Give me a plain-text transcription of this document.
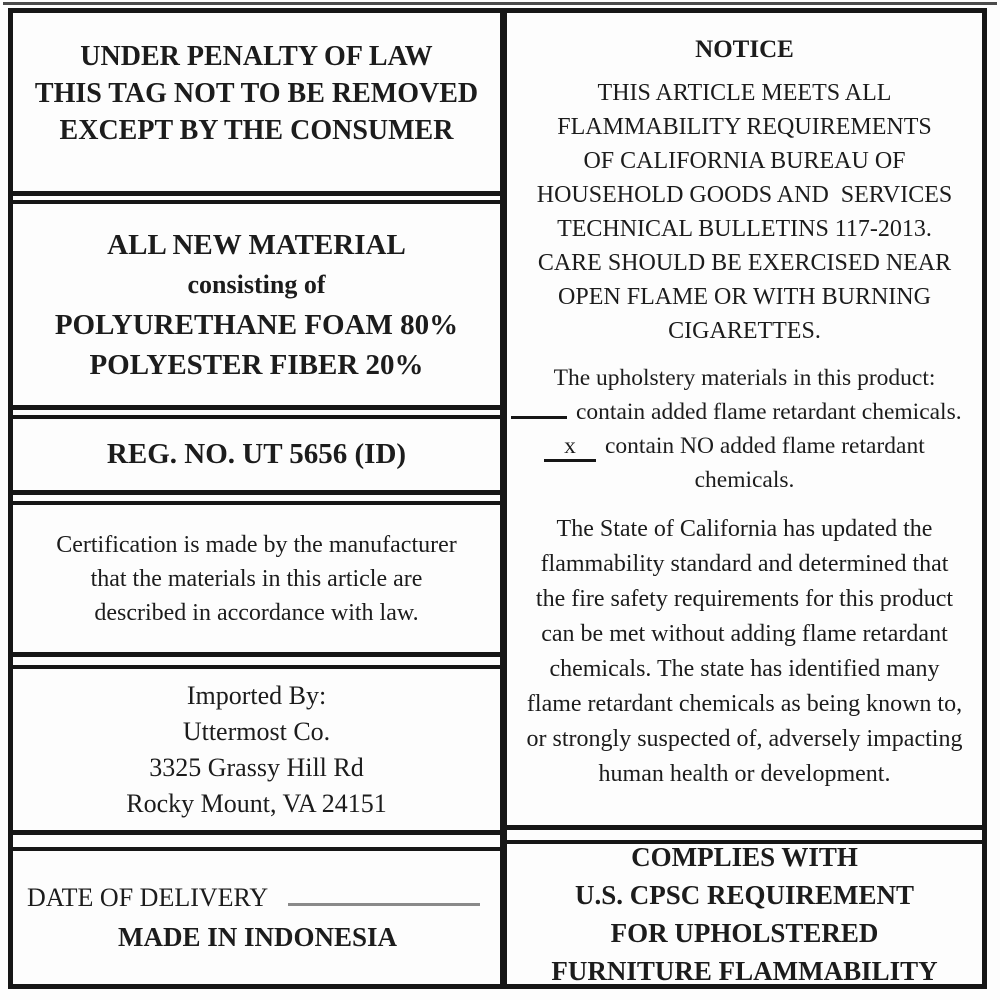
UNDER PENALTY OF LAW
THIS TAG NOT TO BE REMOVED
EXCEPT BY THE CONSUMER
ALL NEW MATERIAL
consisting of
POLYURETHANE FOAM 80%
POLYESTER FIBER 20%
REG. NO. UT 5656 (ID)
Certification is made by the manufacturer
that the materials in this article are
described in accordance with law.
Imported By:
Uttermost Co.
3325 Grassy Hill Rd
Rocky Mount, VA 24151
DATE OF DELIVERY
MADE IN INDONESIA
NOTICE
THIS ARTICLE MEETS ALL
FLAMMABILITY REQUIREMENTS
OF CALIFORNIA BUREAU OF
HOUSEHOLD GOODS AND  SERVICES
TECHNICAL BULLETINS 117-2013.
CARE SHOULD BE EXERCISED NEAR
OPEN FLAME OR WITH BURNING
CIGARETTES.
The upholstery materials in this product:
contain added flame retardant chemicals.
x	contain NO added flame retardant
chemicals.
The State of California has updated the
flammability standard and determined that
the fire safety requirements for this product
can be met without adding flame retardant
chemicals. The state has identified many
flame retardant chemicals as being known to,
or strongly suspected of, adversely impacting
human health or development.
COMPLIES WITH
U.S. CPSC REQUIREMENT
FOR UPHOLSTERED
FURNITURE FLAMMABILITY
